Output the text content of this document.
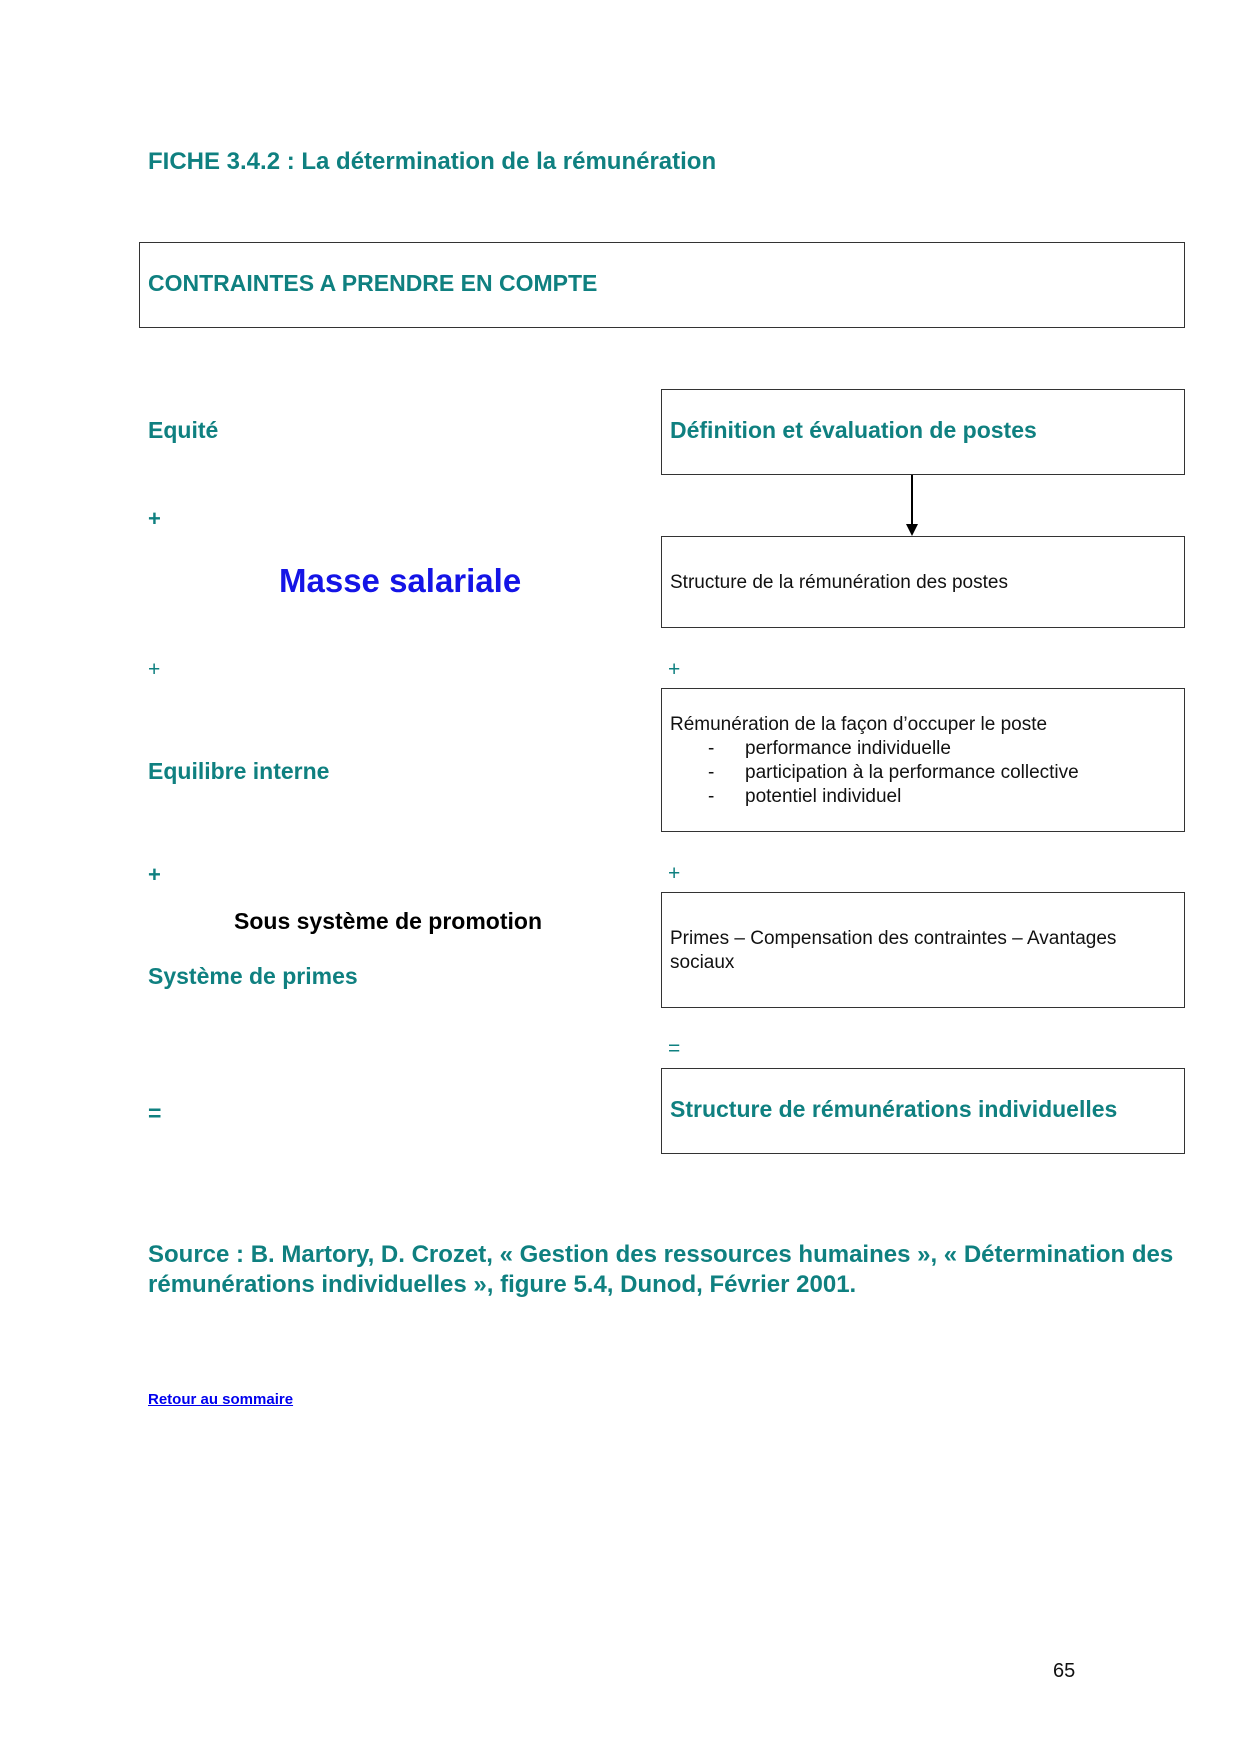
FICHE 3.4.2 : La détermination de la rémunération
CONTRAINTES A PRENDRE EN COMPTE
Equité
+
Masse salariale
+
Equilibre interne
+
Sous système de promotion
Système de primes
=
Définition et évaluation de postes
Structure de la rémunération des postes
+
Rémunération de la façon d’occuper le poste
- performance individuelle
- participation à la performance collective
- potentiel individuel
+
Primes – Compensation des contraintes – Avantages sociaux
=
Structure de rémunérations individuelles
Source : B. Martory, D. Crozet, « Gestion des ressources humaines », « Détermination des rémunérations individuelles », figure 5.4, Dunod, Février 2001.
Retour au sommaire
65
